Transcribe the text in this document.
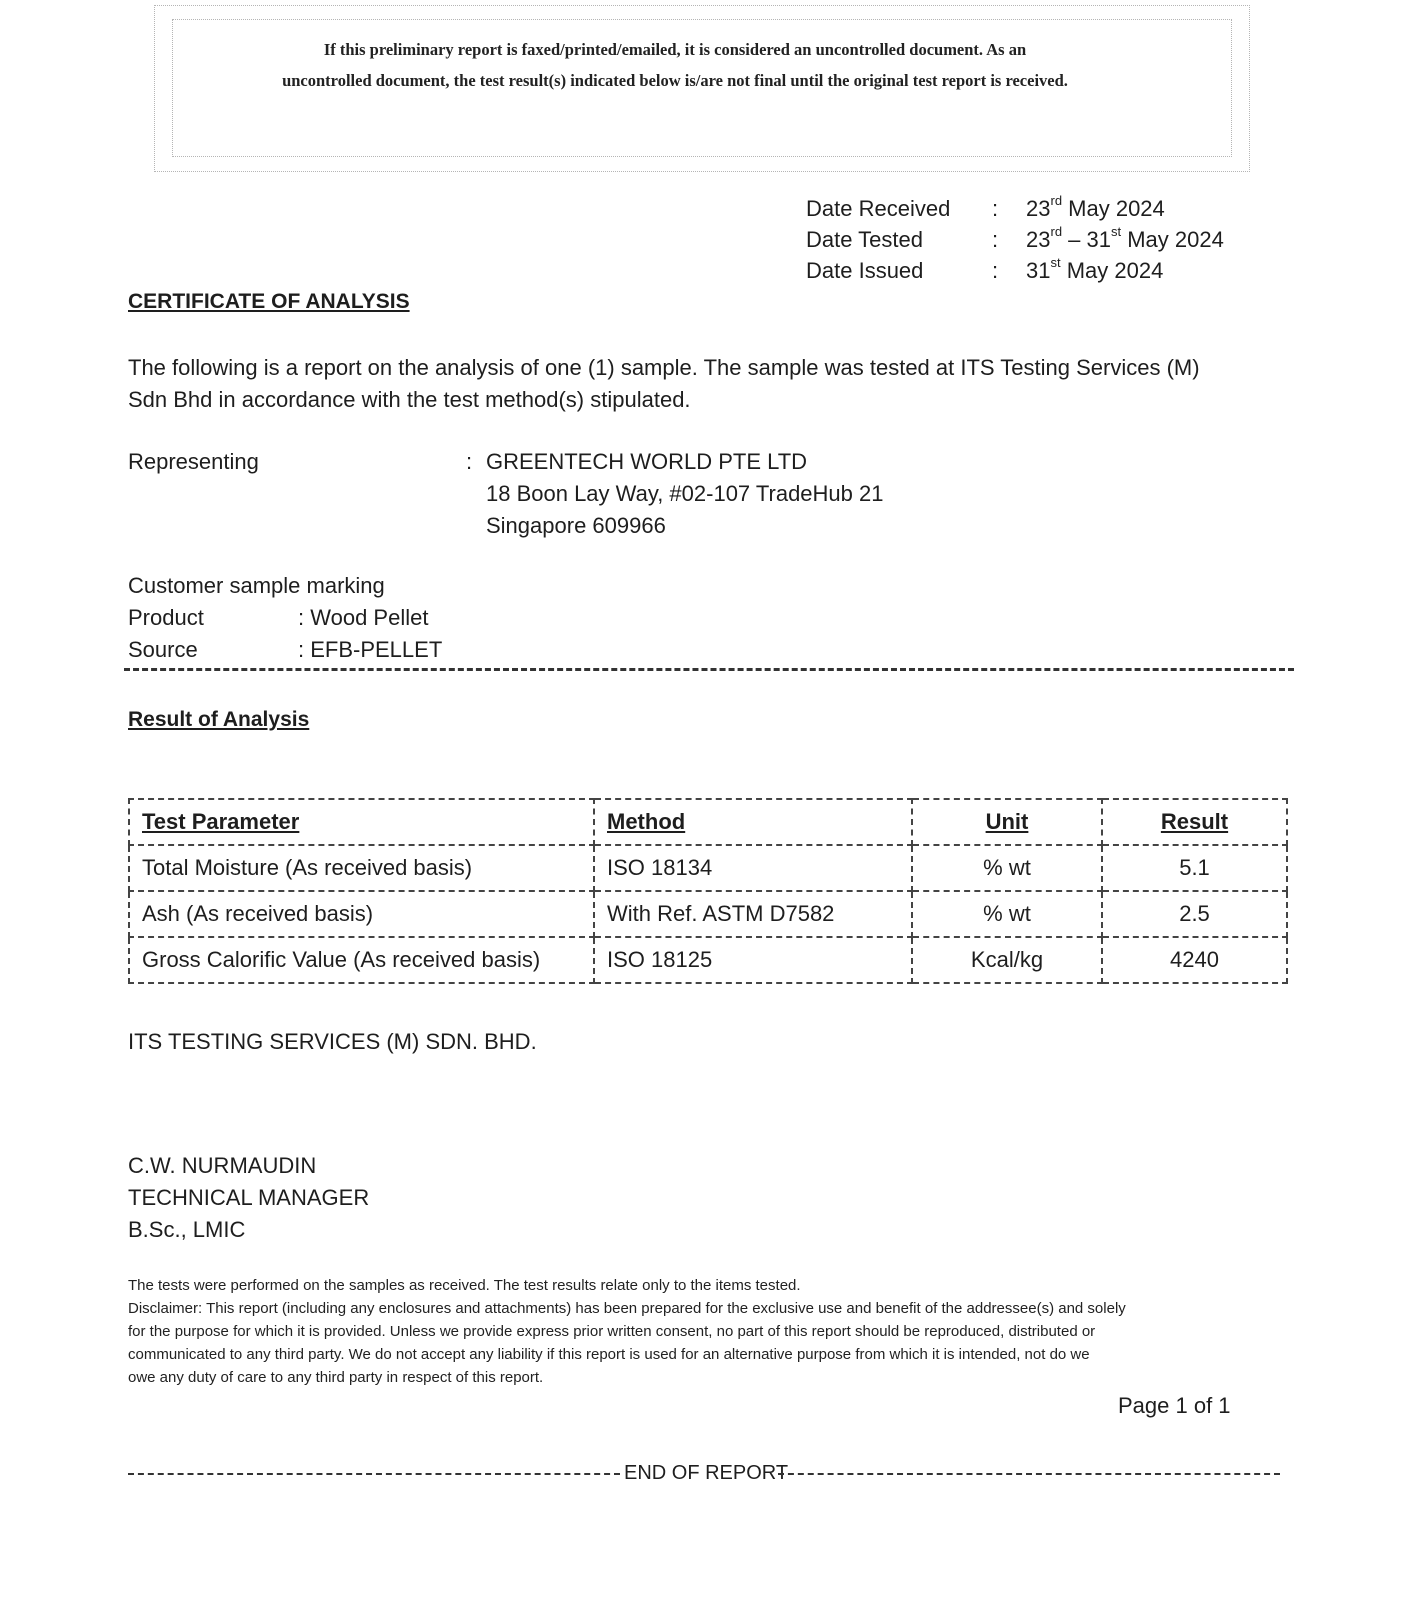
If this preliminary report is faxed/printed/emailed, it is considered an uncontrolled document. As an
uncontrolled document, the test result(s) indicated below is/are not final until the original test report is received.
Date Received : 23rd May 2024
Date Tested	: 23rd – 31st May 2024
Date Issued	: 31st May 2024
CERTIFICATE OF ANALYSIS
The following is a report on the analysis of one (1) sample. The sample was tested at ITS Testing Services (M)
Sdn Bhd in accordance with the test method(s) stipulated.
Representing	: GREENTECH WORLD PTE LTD
18 Boon Lay Way, #02-107 TradeHub 21
Singapore 609966
Customer sample marking
Product	: Wood Pellet
Source	: EFB-PELLET
Result of Analysis
Test Parameter	Method	Unit	Result
Total Moisture (As received basis)	ISO 18134	% wt	5.1
Ash (As received basis)	With Ref. ASTM D7582	% wt	2.5
Gross Calorific Value (As received basis)	ISO 18125	Kcal/kg	4240
ITS TESTING SERVICES (M) SDN. BHD.
C.W. NURMAUDIN
TECHNICAL MANAGER
B.Sc., LMIC
The tests were performed on the samples as received. The test results relate only to the items tested.
Disclaimer: This report (including any enclosures and attachments) has been prepared for the exclusive use and benefit of the addressee(s) and solely
for the purpose for which it is provided. Unless we provide express prior written consent, no part of this report should be reproduced, distributed or
communicated to any third party. We do not accept any liability if this report is used for an alternative purpose from which it is intended, not do we
owe any duty of care to any third party in respect of this report.
Page 1 of 1
END OF REPORT
